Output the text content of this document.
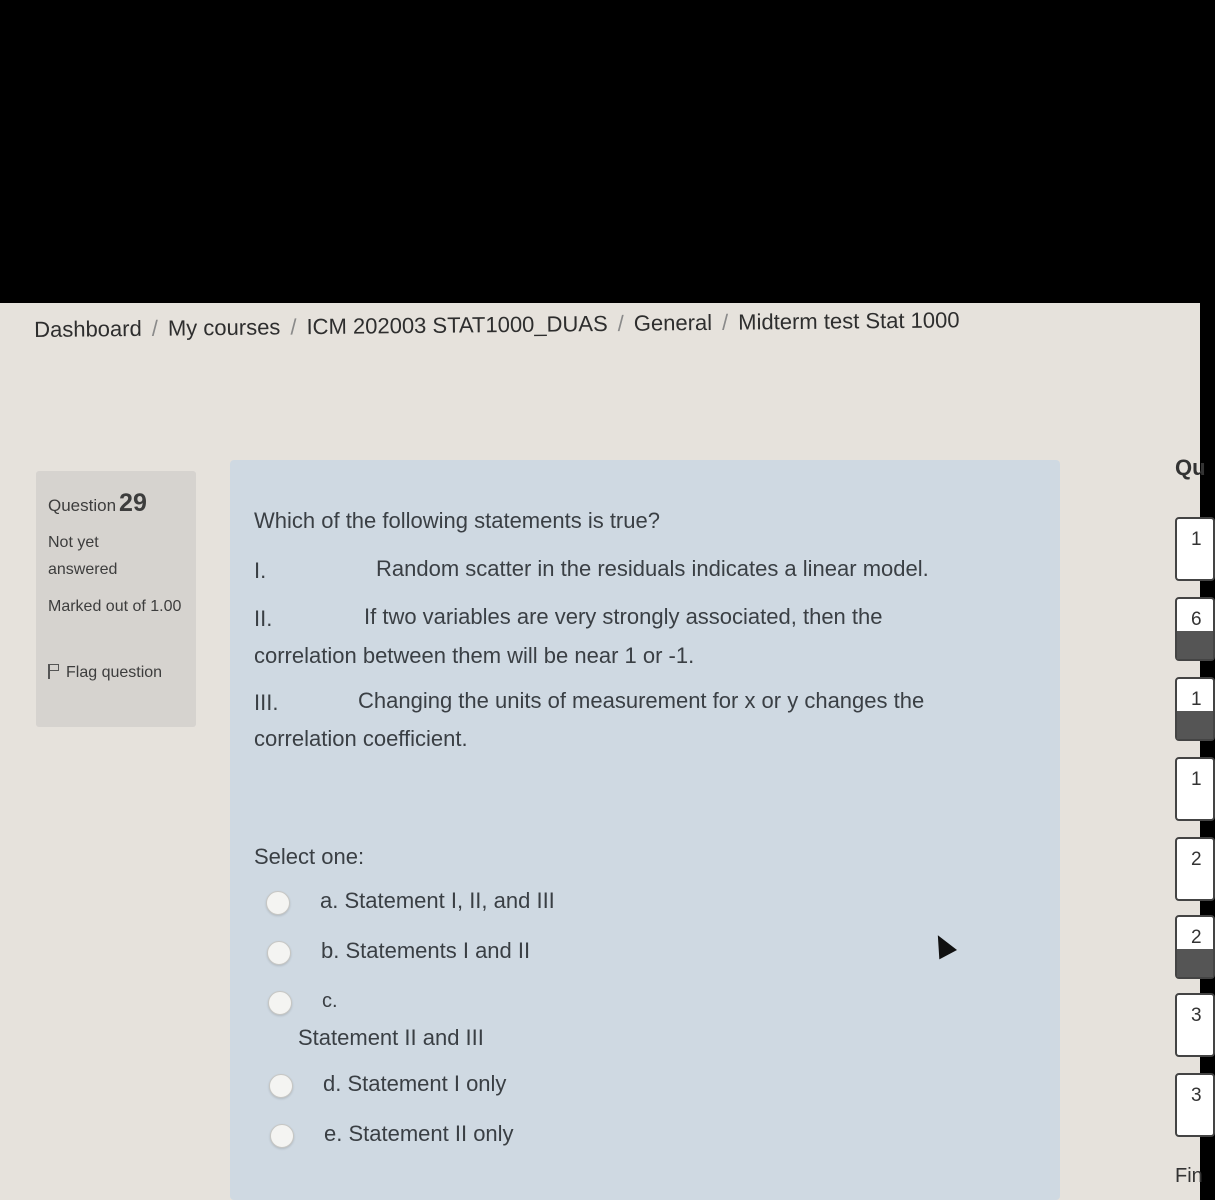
Dashboard / My courses / ICM 202003 STAT1000_DUAS / General / Midterm test Stat 1000
Question 29
Not yet answered
Marked out of 1.00
Flag question
Which of the following statements is true?
I.	Random scatter in the residuals indicates a linear model.
II.	If two variables are very strongly associated, then the
correlation between them will be near 1 or -1.
III.	Changing the units of measurement for x or y changes the
correlation coefficient.
Select one:
a. Statement I, II, and III
b. Statements I and II
c.
Statement II and III
d. Statement I only
e. Statement II only
Qu
1
6
1
1
2
2
3
3
Fin
